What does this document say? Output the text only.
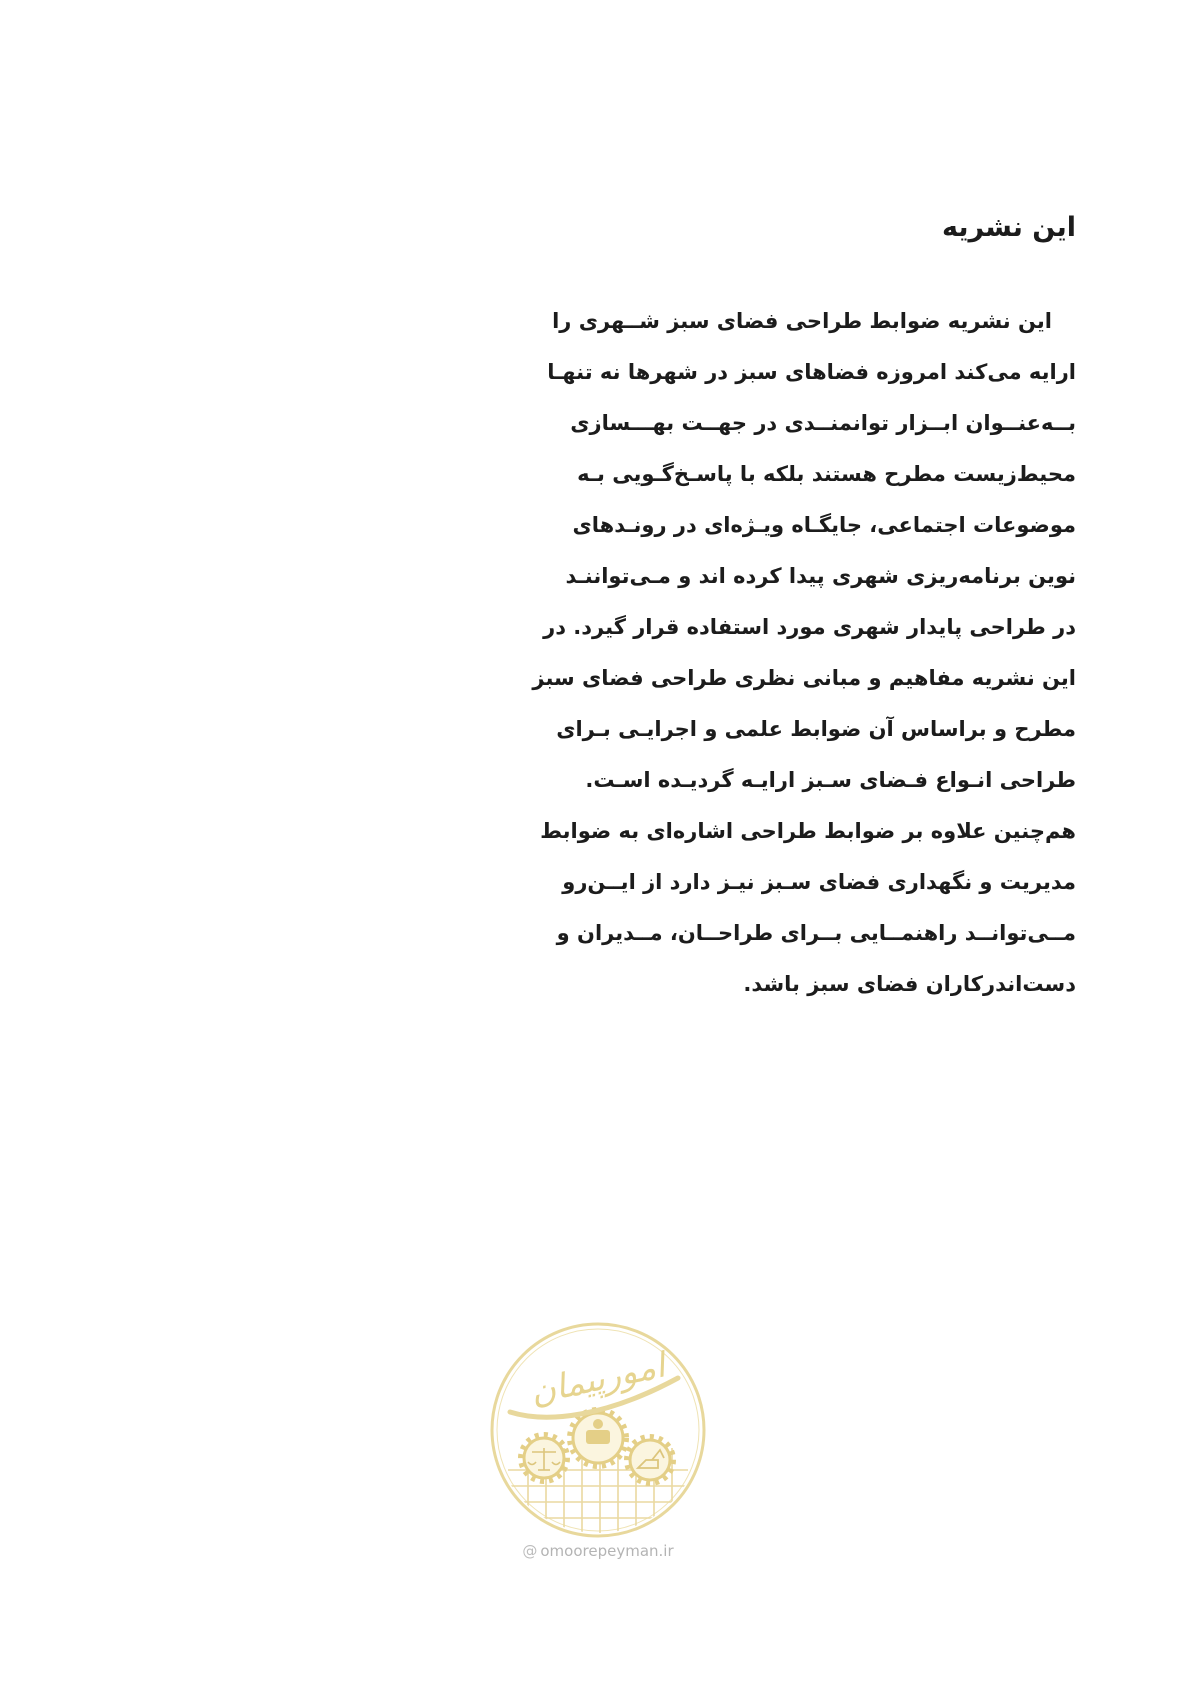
این نشریه
این نشریه ضوابط طراحی فضای سبز شــهری را
ارایه می‌کند امروزه فضاهای سبز در شهرها نه تنهـا
بــه‌عنــوان ابــزار توانمنــدی در جهــت بهـــسازی
محیط‌زیست مطرح هستند بلکه با پاسـخ‌گـویی بـه
موضوعات اجتماعی، جایگـاه ویـژه‌ای در رونـدهای
نوین برنامه‌ریزی شهری پیدا کرده اند و مـی‌تواننـد
در طراحی پایدار شهری مورد استفاده قرار گیرد. در
این نشریه مفاهیم و مبانی نظری طراحی فضای سبز
مطرح و براساس آن ضوابط علمی و اجرایـی بـرای
طراحی انـواع فـضای سـبز ارایـه گردیـده اسـت.
هم‌چنین علاوه بر ضوابط طراحی اشاره‌ای به ضوابط
مدیریت و نگهداری فضای سـبز نیـز دارد از ایــن‌رو
مــی‌توانــد راهنمــایی بــرای طراحــان، مــدیران و
دست‌اندرکاران فضای سبز باشد.
امورپیمان
@ omoorepeyman.ir
